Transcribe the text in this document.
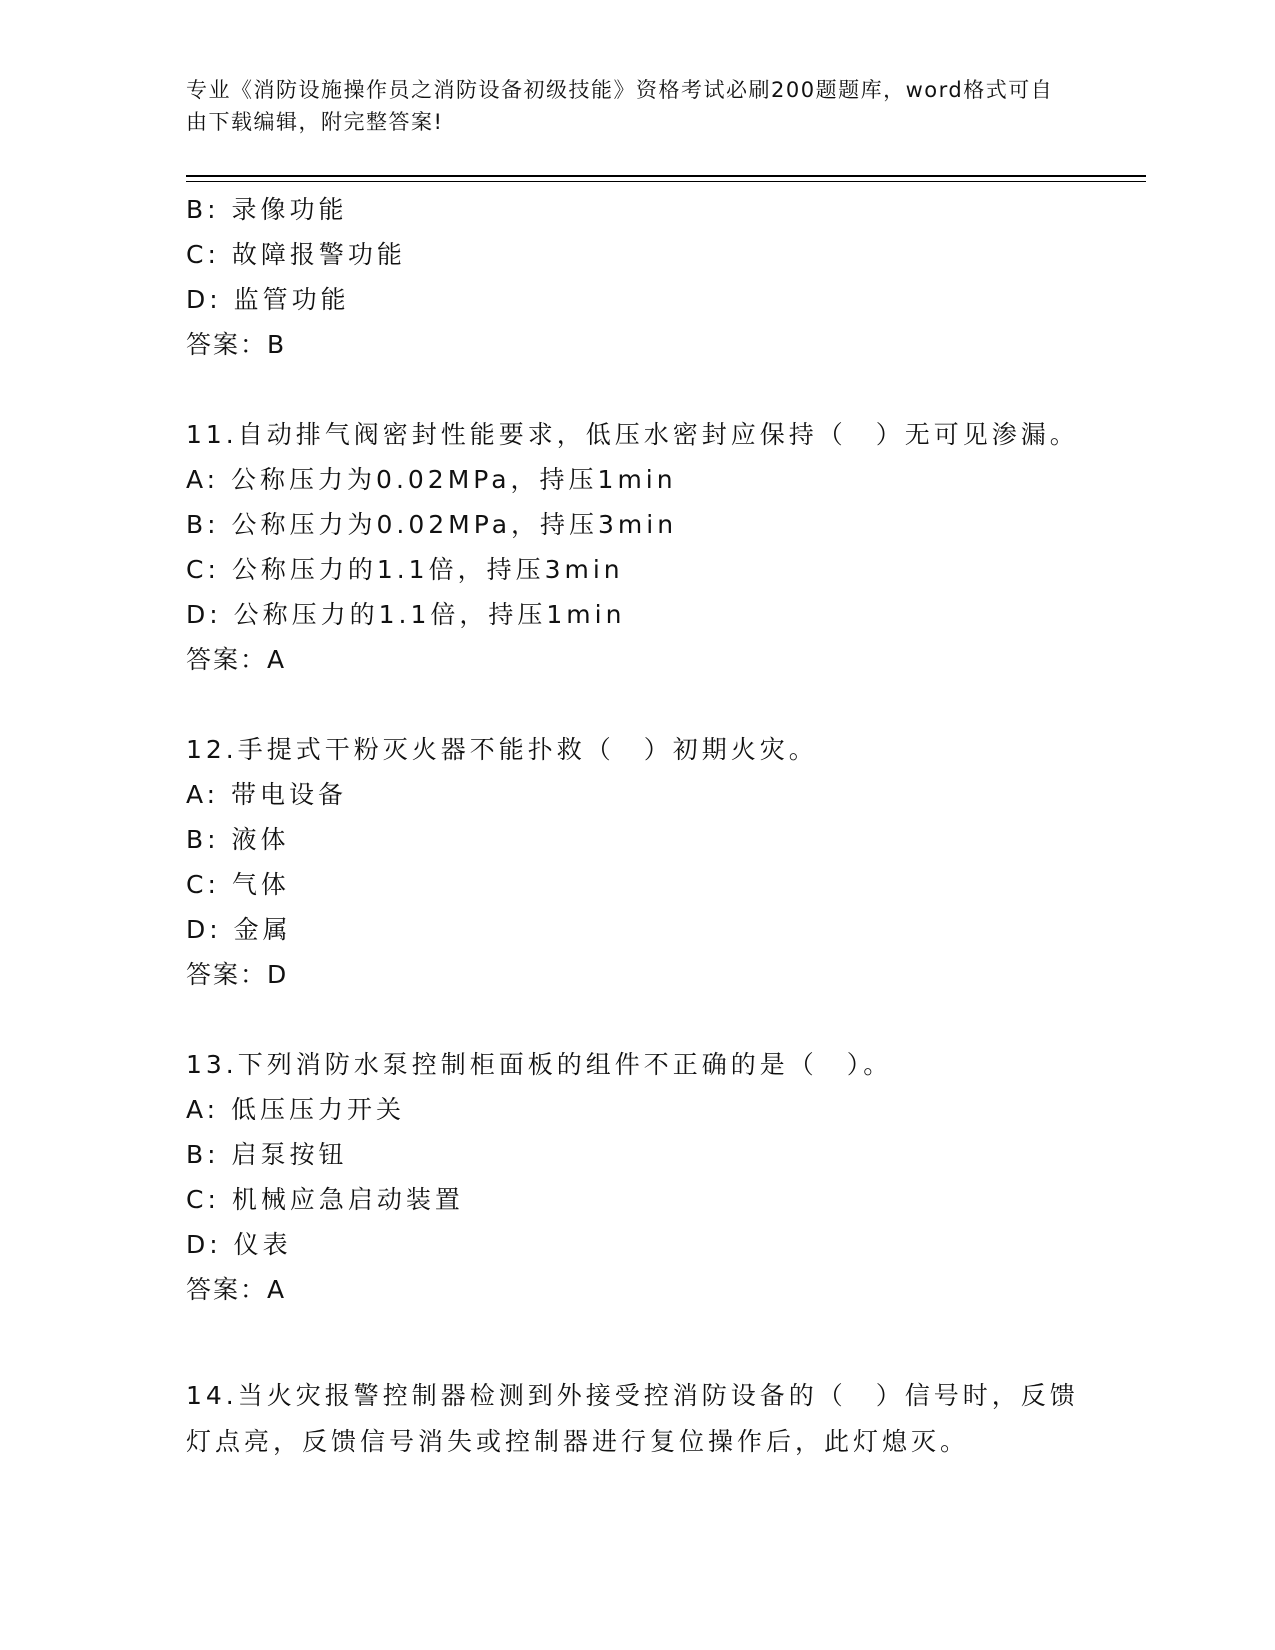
专业《消防设施操作员之消防设备初级技能》资格考试必刷200题题库，word格式可自由下载编辑，附完整答案!
B: 录像功能
C: 故障报警功能
D: 监管功能
答案：B
11.自动排气阀密封性能要求，低压水密封应保持（　）无可见渗漏。
A: 公称压力为0.02MPa，持压1min
B: 公称压力为0.02MPa，持压3min
C: 公称压力的1.1倍，持压3min
D: 公称压力的1.1倍，持压1min
答案：A
12.手提式干粉灭火器不能扑救（　）初期火灾。
A: 带电设备
B: 液体
C: 气体
D: 金属
答案：D
13.下列消防水泵控制柜面板的组件不正确的是（　）。
A: 低压压力开关
B: 启泵按钮
C: 机械应急启动装置
D: 仪表
答案：A
14.当火灾报警控制器检测到外接受控消防设备的（　）信号时，反馈灯点亮，反馈信号消失或控制器进行复位操作后，此灯熄灭。
